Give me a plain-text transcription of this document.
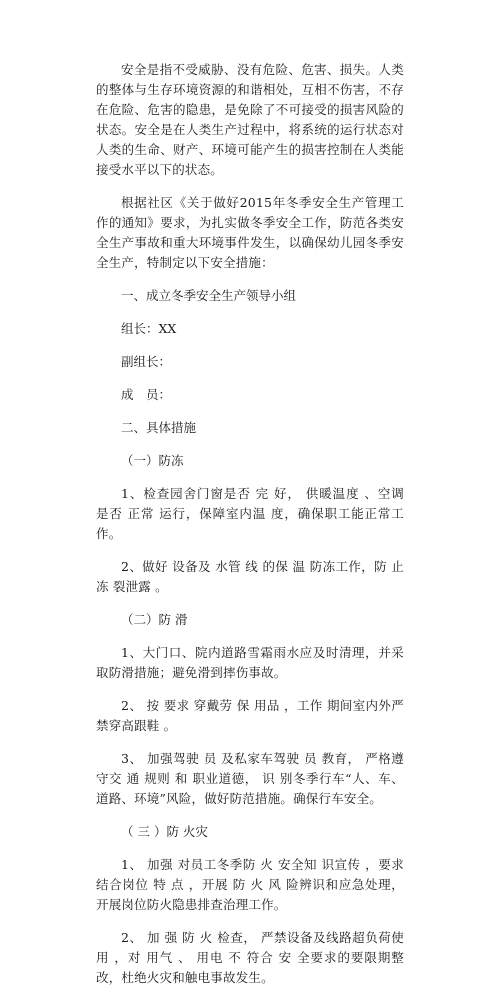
安全是指不受威胁、没有危险、危害、损失。人类的整体与生存环境资源的和谐相处，互相不伤害，不存在危险、危害的隐患，是免除了不可接受的损害风险的状态。安全是在人类生产过程中，将系统的运行状态对人类的生命、财产、环境可能产生的损害控制在人类能接受水平以下的状态。

根据社区《关于做好2015年冬季安全生产管理工作的通知》要求，为扎实做冬季安全工作，防范各类安全生产事故和重大环境事件发生，以确保幼儿园冬季安全生产，特制定以下安全措施：

一、成立冬季安全生产领导小组

组长：XX

副组长：

成　员：

二、具体措施

（一）防冻

1、检查园舍门窗是否 完 好， 供暖温度 、空调 是否 正常 运行，保障室内温 度，确保职工能正常工作。

2、做好 设备及 水管 线 的保 温 防冻工作，防 止 冻 裂泄露 。

（二）防 滑

1、大门口、院内道路雪霜雨水应及时清理，并采取防滑措施；避免滑到摔伤事故。

2、 按 要求 穿戴劳 保 用品 ，工作 期间室内外严禁穿高跟鞋 。

3、 加强驾驶 员 及私家车驾驶 员 教育， 严格遵守交 通 规则 和 职业道德， 识 别冬季行车“人、车、道路、环境”风险，做好防范措施。确保行车安全。

（ 三 ）防 火灾

1、 加强 对员工冬季防 火 安全知 识宣传 ，要求 结合岗位 特 点 ，开展 防 火 风 险辨识和应急处理，开展岗位防火隐患排查治理工作。

2、 加 强 防 火 检查， 严禁设备及线路超负荷使用 ，对 用气 、 用电 不 符合 安 全要求的要限期整改，杜绝火灾和触电事故发生。
